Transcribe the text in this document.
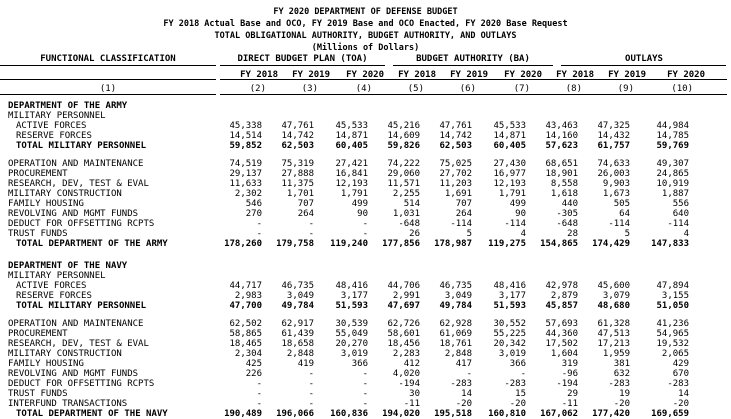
FY 2020 DEPARTMENT OF DEFENSE BUDGET
FY 2018 Actual Base and OCO, FY 2019 Base and OCO Enacted, FY 2020 Base Request
TOTAL OBLIGATIONAL AUTHORITY, BUDGET AUTHORITY, AND OUTLAYS
(Millions of Dollars)
FUNCTIONAL CLASSIFICATION	DIRECT BUDGET PLAN (TOA)	BUDGET AUTHORITY (BA)	OUTLAYS
FY 2018	FY 2019	FY 2020	FY 2018	FY 2019	FY 2020	FY 2018	FY 2019	FY 2020
(1)	(2)	(3)	(4)	(5)	(6)	(7)	(8)	(9)	(10)
DEPARTMENT OF THE ARMY
MILITARY PERSONNEL
ACTIVE FORCES	45,338	47,761	45,533	45,216	47,761	45,533	43,463	47,325	44,984
RESERVE FORCES	14,514	14,742	14,871	14,609	14,742	14,871	14,160	14,432	14,785
TOTAL MILITARY PERSONNEL	59,852	62,503	60,405	59,826	62,503	60,405	57,623	61,757	59,769
OPERATION AND MAINTENANCE	74,519	75,319	27,421	74,222	75,025	27,430	68,651	74,633	49,307
PROCUREMENT	29,137	27,888	16,841	29,060	27,702	16,977	18,901	26,003	24,865
RESEARCH, DEV, TEST & EVAL	11,633	11,375	12,193	11,571	11,203	12,193	8,558	9,903	10,919
MILITARY CONSTRUCTION	2,302	1,701	1,791	2,255	1,691	1,791	1,618	1,673	1,887
FAMILY HOUSING	546	707	499	514	707	499	440	505	556
REVOLVING AND MGMT FUNDS	270	264	90	1,031	264	90	-305	64	640
DEDUCT FOR OFFSETTING RCPTS	-	-	-	-648	-114	-114	-648	-114	-114
TRUST FUNDS	-	-	-	26	5	4	28	5	4
TOTAL DEPARTMENT OF THE ARMY	178,260	179,758	119,240	177,856	178,987	119,275	154,865	174,429	147,833
DEPARTMENT OF THE NAVY
MILITARY PERSONNEL
ACTIVE FORCES	44,717	46,735	48,416	44,706	46,735	48,416	42,978	45,600	47,894
RESERVE FORCES	2,983	3,049	3,177	2,991	3,049	3,177	2,879	3,079	3,155
TOTAL MILITARY PERSONNEL	47,700	49,784	51,593	47,697	49,784	51,593	45,857	48,680	51,050
OPERATION AND MAINTENANCE	62,502	62,917	30,539	62,726	62,928	30,552	57,693	61,328	41,236
PROCUREMENT	58,865	61,439	55,049	58,601	61,069	55,225	44,360	47,513	54,965
RESEARCH, DEV, TEST & EVAL	18,465	18,658	20,270	18,456	18,761	20,342	17,502	17,213	19,532
MILITARY CONSTRUCTION	2,304	2,848	3,019	2,283	2,848	3,019	1,604	1,959	2,065
FAMILY HOUSING	425	419	366	412	417	366	319	381	429
REVOLVING AND MGMT FUNDS	226	-	-	4,020	-	-	-96	632	670
DEDUCT FOR OFFSETTING RCPTS	-	-	-	-194	-283	-283	-194	-283	-283
TRUST FUNDS	-	-	-	30	14	15	29	19	14
INTERFUND TRANSACTIONS	-	-	-	-11	-20	-20	-11	-20	-20
TOTAL DEPARTMENT OF THE NAVY	190,489	196,066	160,836	194,020	195,518	160,810	167,062	177,420	169,659
